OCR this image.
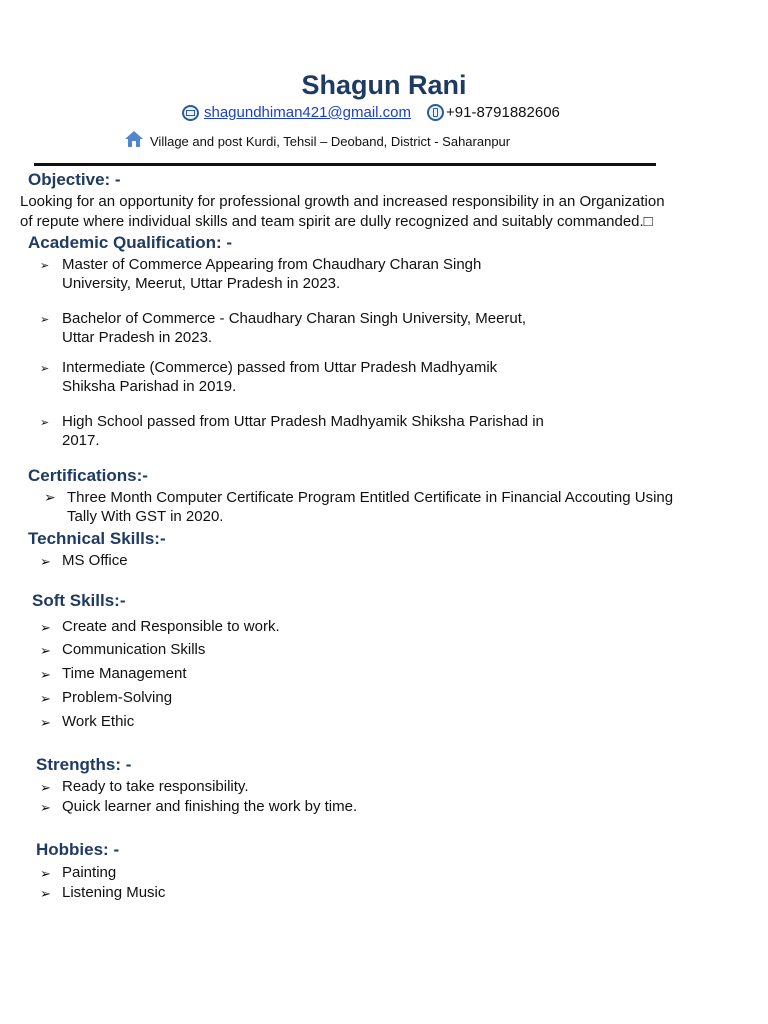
Shagun Rani
shagundhiman421@gmail.com +91-8791882606
Village and post Kurdi, Tehsil – Deoband, District - Saharanpur
Objective: -
Looking for an opportunity for professional growth and increased responsibility in an Organization
of repute where individual skills and team spirit are dully recognized and suitably commanded.□
Academic Qualification: -
➢ Master of Commerce Appearing from Chaudhary Charan Singh
University, Meerut, Uttar Pradesh in 2023.
➢ Bachelor of Commerce - Chaudhary Charan Singh University, Meerut,
Uttar Pradesh in 2023.
➢ Intermediate (Commerce) passed from Uttar Pradesh Madhyamik
Shiksha Parishad in 2019.
➢ High School passed from Uttar Pradesh Madhyamik Shiksha Parishad in
2017.
Certifications:-
➢ Three Month Computer Certificate Program Entitled Certificate in Financial Accouting Using
Tally With GST in 2020.
Technical Skills:-
➢ MS Office
Soft Skills:-
➢ Create and Responsible to work.
➢ Communication Skills
➢ Time Management
➢ Problem-Solving
➢ Work Ethic
Strengths: -
➢ Ready to take responsibility.
➢ Quick learner and finishing the work by time.
Hobbies: -
➢ Painting
➢ Listening Music
